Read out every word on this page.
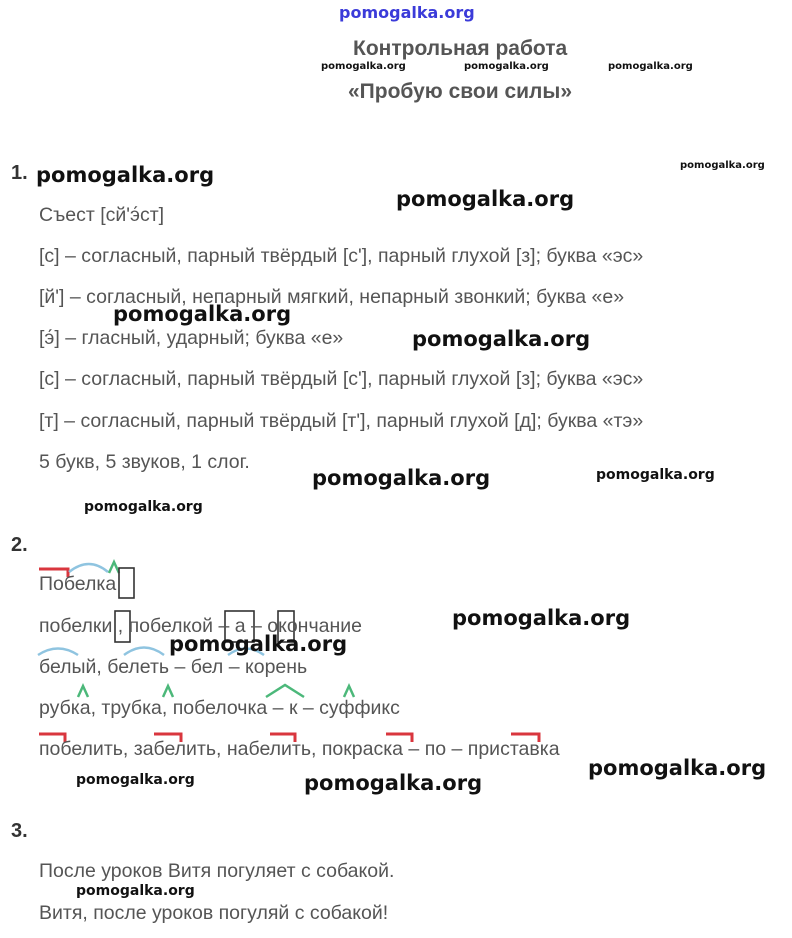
pomogalka.org
Контрольная работа
pomogalka.org	pomogalka.org	pomogalka.org
«Пробую свои силы»
1. pomogalka.org	pomogalka.org
pomogalka.org
Съест [сй'э́ст]
[с] – согласный, парный твёрдый [с'], парный глухой [з]; буква «эс»
[й'] – согласный, непарный мягкий, непарный звонкий; буква «е»
[э́] – гласный, ударный; буква «е»
[с] – согласный, парный твёрдый [с'], парный глухой [з]; буква «эс»
[т] – согласный, парный твёрдый [т'], парный глухой [д]; буква «тэ»
5 букв, 5 звуков, 1 слог.
pomogalka.org
pomogalka.org
pomogalka.org	pomogalka.org
pomogalka.org
2.
Побелка
побелки , побелкой – а – окончание
белый, белеть – бел – корень
рубка, трубка, побелочка – к – суффикс
побелить, забелить, набелить, покраска – по – приставка
pomogalka.org
pomogalka.org
pomogalka.org
pomogalka.org	pomogalka.org
3.
После уроков Витя погуляет с собакой.
pomogalka.org
Витя, после уроков погуляй с собакой!
